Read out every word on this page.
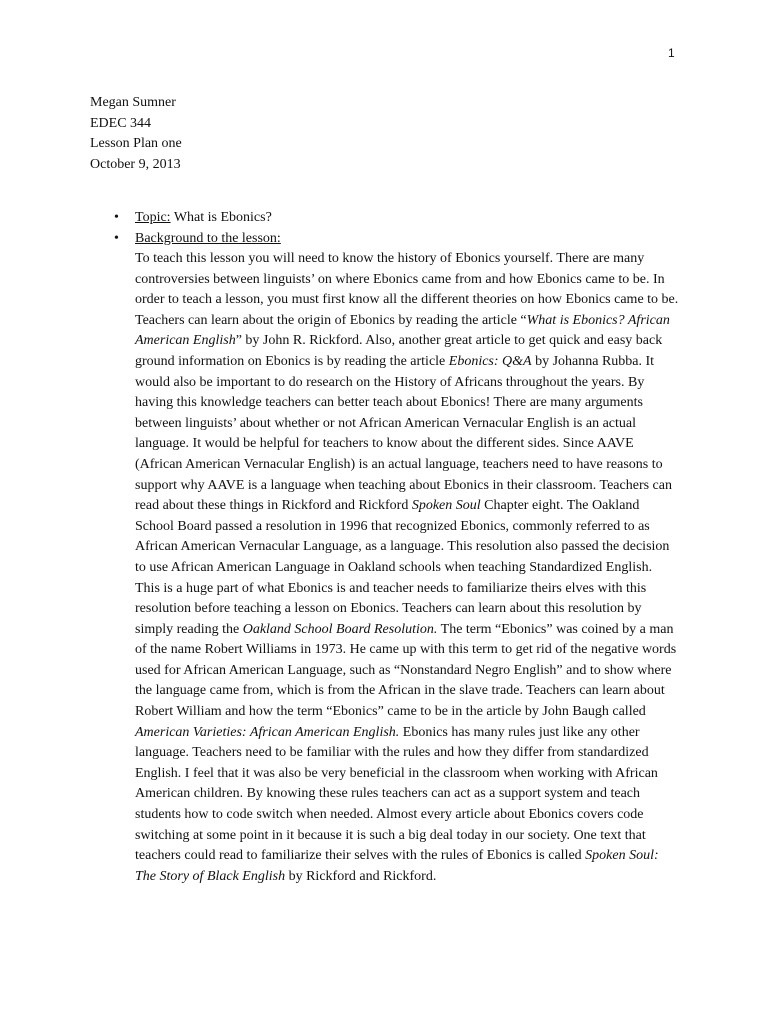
1
Megan Sumner
EDEC 344
Lesson Plan one
October 9, 2013
• Topic: What is Ebonics?
• Background to the lesson:

To teach this lesson you will need to know the history of Ebonics yourself. There are many controversies between linguists’ on where Ebonics came from and how Ebonics came to be. In order to teach a lesson, you must first know all the different theories on how Ebonics came to be. Teachers can learn about the origin of Ebonics by reading the article “What is Ebonics? African American English” by John R. Rickford. Also, another great article to get quick and easy back ground information on Ebonics is by reading the article Ebonics: Q&A by Johanna Rubba. It would also be important to do research on the History of Africans throughout the years. By having this knowledge teachers can better teach about Ebonics! There are many arguments between linguists’ about whether or not African American Vernacular English is an actual language. It would be helpful for teachers to know about the different sides. Since AAVE (African American Vernacular English) is an actual language, teachers need to have reasons to support why AAVE is a language when teaching about Ebonics in their classroom. Teachers can read about these things in Rickford and Rickford Spoken Soul Chapter eight. The Oakland School Board passed a resolution in 1996 that recognized Ebonics, commonly referred to as African American Vernacular Language, as a language. This resolution also passed the decision to use African American Language in Oakland schools when teaching Standardized English. This is a huge part of what Ebonics is and teacher needs to familiarize theirs elves with this resolution before teaching a lesson on Ebonics. Teachers can learn about this resolution by simply reading the Oakland School Board Resolution. The term “Ebonics” was coined by a man of the name Robert Williams in 1973. He came up with this term to get rid of the negative words used for African American Language, such as “Nonstandard Negro English” and to show where the language came from, which is from the African in the slave trade. Teachers can learn about Robert William and how the term “Ebonics” came to be in the article by John Baugh called American Varieties: African American English. Ebonics has many rules just like any other language. Teachers need to be familiar with the rules and how they differ from standardized English. I feel that it was also be very beneficial in the classroom when working with African American children. By knowing these rules teachers can act as a support system and teach students how to code switch when needed. Almost every article about Ebonics covers code switching at some point in it because it is such a big deal today in our society. One text that teachers could read to familiarize their selves with the rules of Ebonics is called Spoken Soul: The Story of Black English by Rickford and Rickford.
